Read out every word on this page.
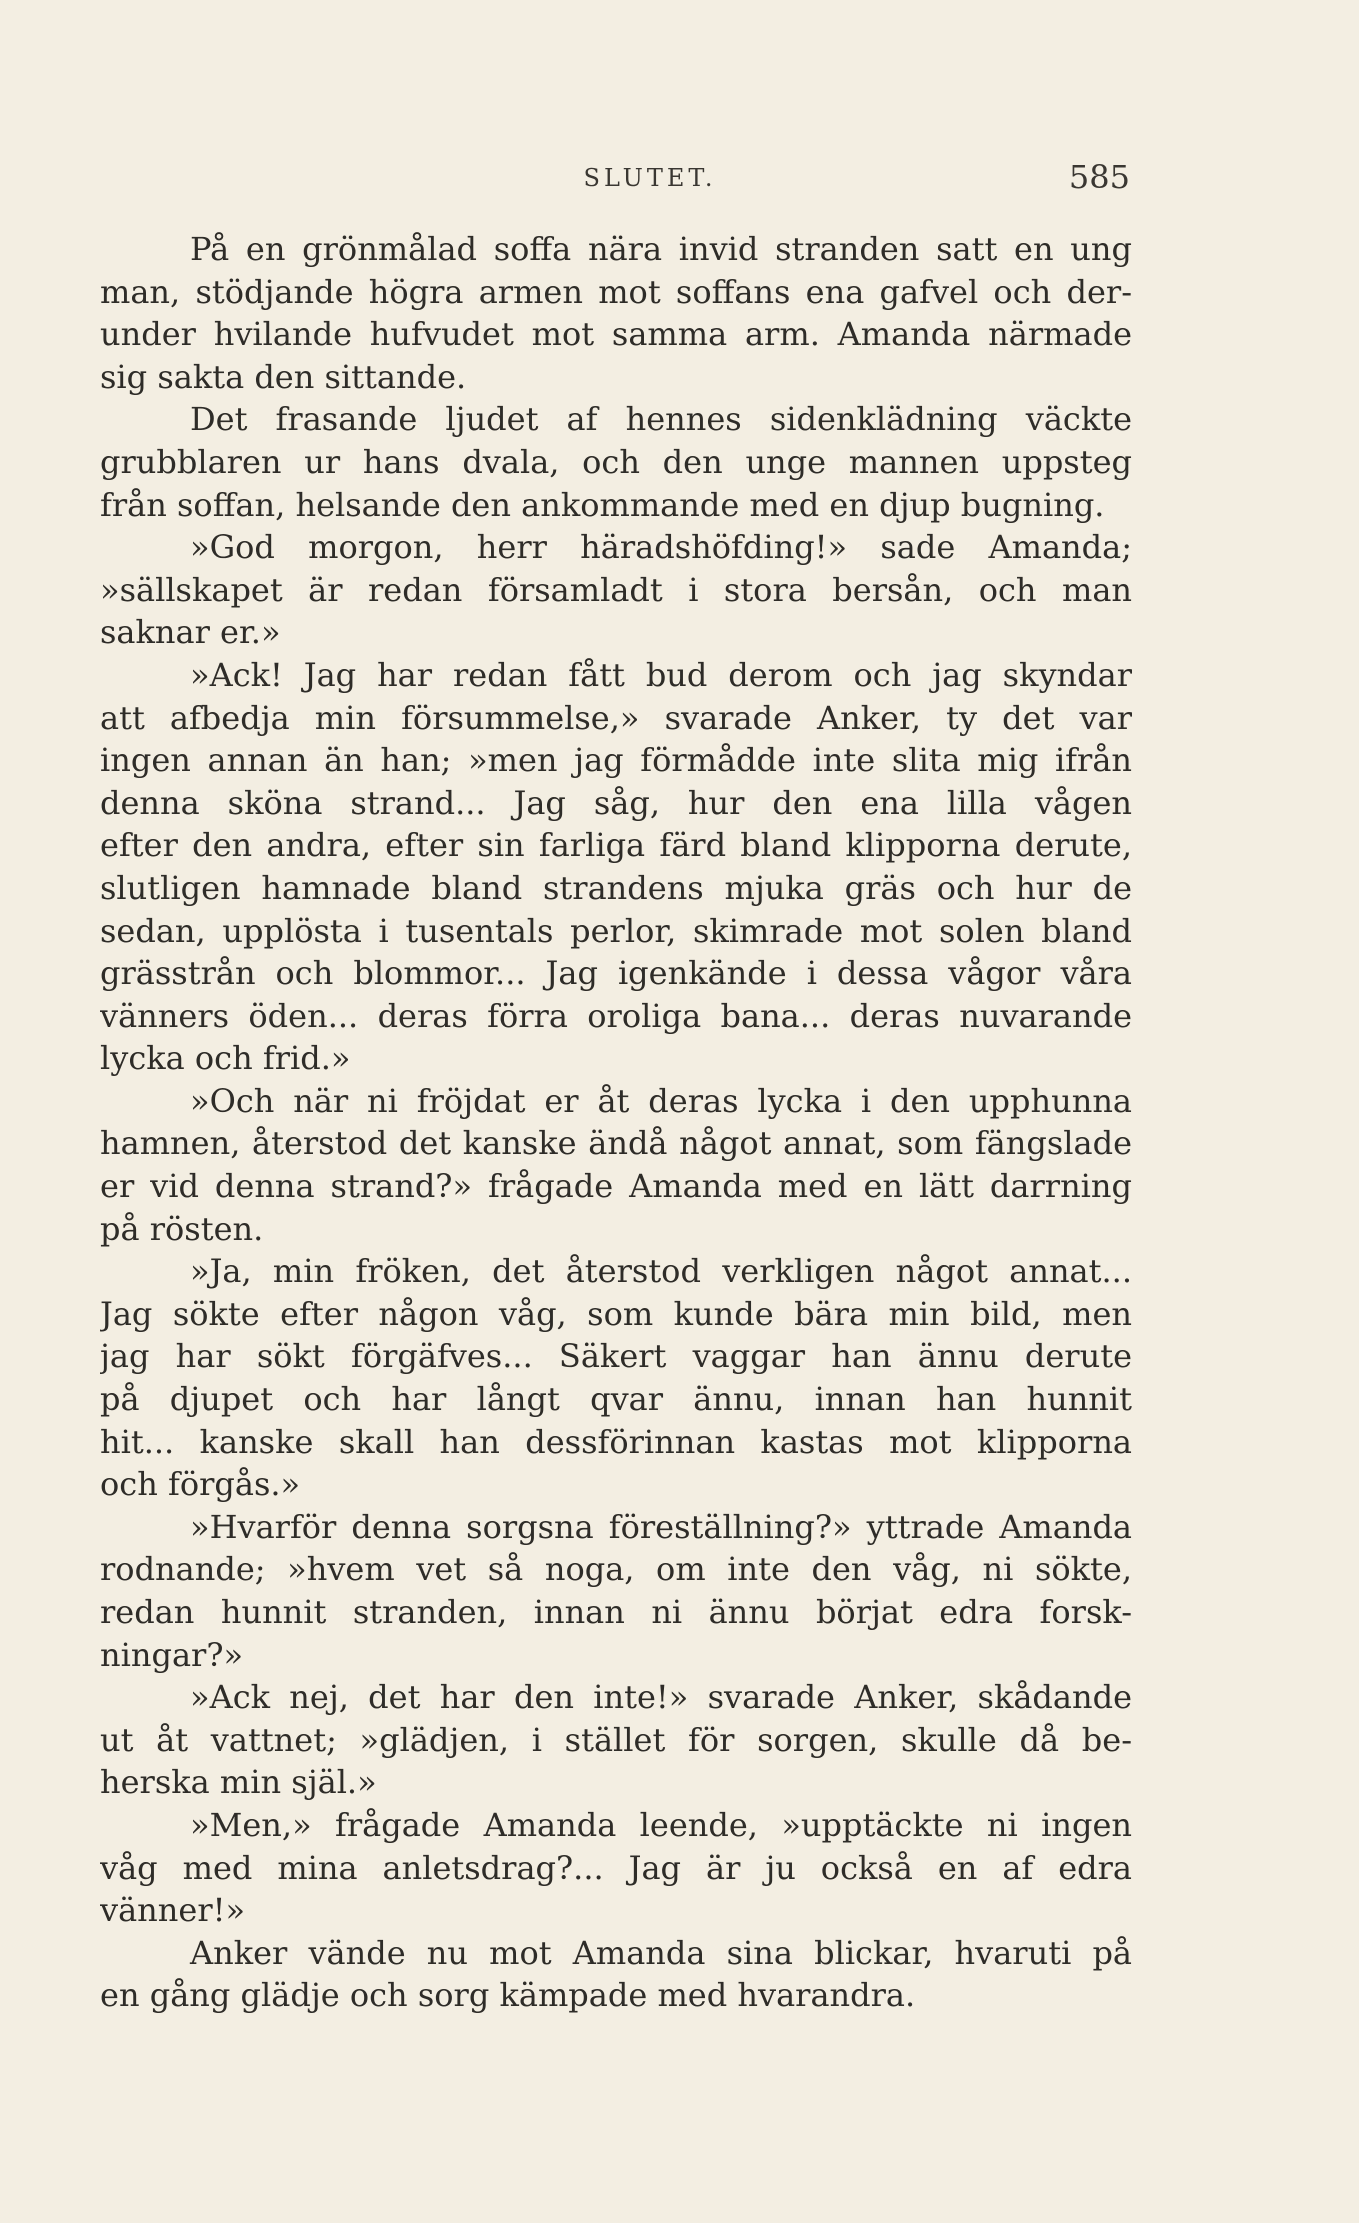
SLUTET.	585
På en grönmålad soffa nära invid stranden satt en ung
man, stödjande högra armen mot soffans ena gafvel och der-
under hvilande hufvudet mot samma arm. Amanda närmade
sig sakta den sittande.
Det frasande ljudet af hennes sidenklädning väckte
grubblaren ur hans dvala, och den unge mannen uppsteg
från soffan, helsande den ankommande med en djup bugning.
»God morgon, herr häradshöfding!» sade Amanda;
»sällskapet är redan församladt i stora bersån, och man
saknar er.»
»Ack! Jag har redan fått bud derom och jag skyndar
att afbedja min försummelse,» svarade Anker, ty det var
ingen annan än han; »men jag förmådde inte slita mig ifrån
denna sköna strand... Jag såg, hur den ena lilla vågen
efter den andra, efter sin farliga färd bland klipporna derute,
slutligen hamnade bland strandens mjuka gräs och hur de
sedan, upplösta i tusentals perlor, skimrade mot solen bland
grässtrån och blommor... Jag igenkände i dessa vågor våra
vänners öden... deras förra oroliga bana... deras nuvarande
lycka och frid.»
»Och när ni fröjdat er åt deras lycka i den upphunna
hamnen, återstod det kanske ändå något annat, som fängslade
er vid denna strand?» frågade Amanda med en lätt darrning
på rösten.
»Ja, min fröken, det återstod verkligen något annat...
Jag sökte efter någon våg, som kunde bära min bild, men
jag har sökt förgäfves... Säkert vaggar han ännu derute
på djupet och har långt qvar ännu, innan han hunnit
hit... kanske skall han dessförinnan kastas mot klipporna
och förgås.»
»Hvarför denna sorgsna föreställning?» yttrade Amanda
rodnande; »hvem vet så noga, om inte den våg, ni sökte,
redan hunnit stranden, innan ni ännu börjat edra forsk-
ningar?»
»Ack nej, det har den inte!» svarade Anker, skådande
ut åt vattnet; »glädjen, i stället för sorgen, skulle då be-
herska min själ.»
»Men,» frågade Amanda leende, »upptäckte ni ingen
våg med mina anletsdrag?... Jag är ju också en af edra
vänner!»
Anker vände nu mot Amanda sina blickar, hvaruti på
en gång glädje och sorg kämpade med hvarandra.
